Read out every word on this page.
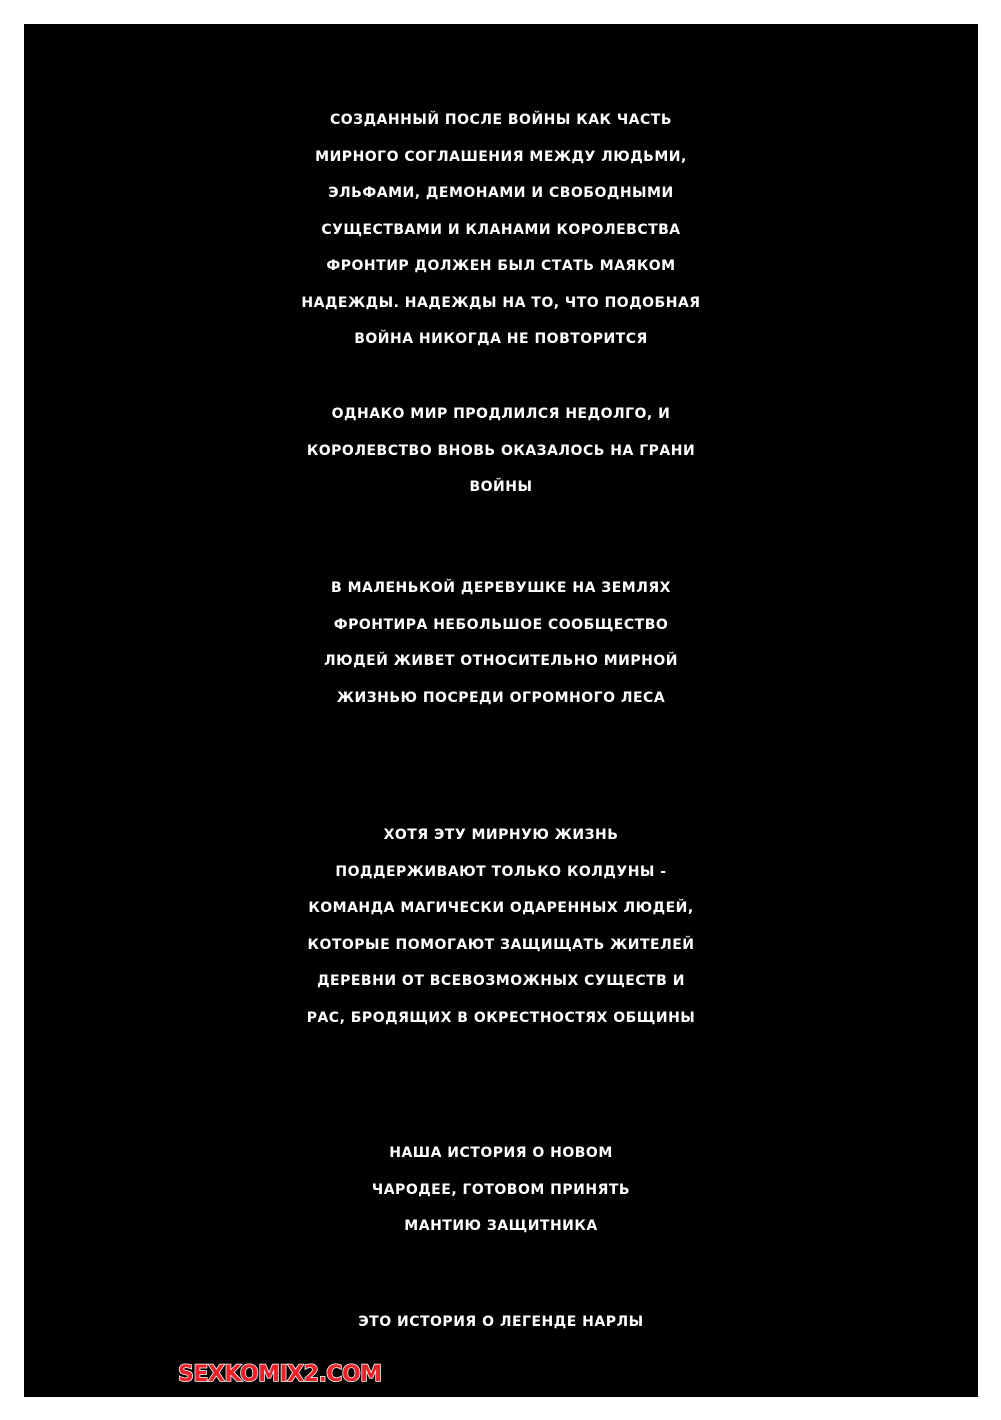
СОЗДАННЫЙ ПОСЛЕ ВОЙНЫ КАК ЧАСТЬ
МИРНОГО СОГЛАШЕНИЯ МЕЖДУ ЛЮДЬМИ,
ЭЛЬФАМИ, ДЕМОНАМИ И СВОБОДНЫМИ
СУЩЕСТВАМИ И КЛАНАМИ КОРОЛЕВСТВА
ФРОНТИР ДОЛЖЕН БЫЛ СТАТЬ МАЯКОМ
НАДЕЖДЫ. НАДЕЖДЫ НА ТО, ЧТО ПОДОБНАЯ
ВОЙНА НИКОГДА НЕ ПОВТОРИТСЯ
ОДНАКО МИР ПРОДЛИЛСЯ НЕДОЛГО, И
КОРОЛЕВСТВО ВНОВЬ ОКАЗАЛОСЬ НА ГРАНИ
ВОЙНЫ
В МАЛЕНЬКОЙ ДЕРЕВУШКЕ НА ЗЕМЛЯХ
ФРОНТИРА НЕБОЛЬШОЕ СООБЩЕСТВО
ЛЮДЕЙ ЖИВЕТ ОТНОСИТЕЛЬНО МИРНОЙ
ЖИЗНЬЮ ПОСРЕДИ ОГРОМНОГО ЛЕСА
ХОТЯ ЭТУ МИРНУЮ ЖИЗНЬ
ПОДДЕРЖИВАЮТ ТОЛЬКО КОЛДУНЫ -
КОМАНДА МАГИЧЕСКИ ОДАРЕННЫХ ЛЮДЕЙ,
КОТОРЫЕ ПОМОГАЮТ ЗАЩИЩАТЬ ЖИТЕЛЕЙ
ДЕРЕВНИ ОТ ВСЕВОЗМОЖНЫХ СУЩЕСТВ И
РАС, БРОДЯЩИХ В ОКРЕСТНОСТЯХ ОБЩИНЫ
НАША ИСТОРИЯ О НОВОМ
ЧАРОДЕЕ, ГОТОВОМ ПРИНЯТЬ
МАНТИЮ ЗАЩИТНИКА
ЭТО ИСТОРИЯ О ЛЕГЕНДЕ НАРЛЫ
SEXKOMIX2.COM
